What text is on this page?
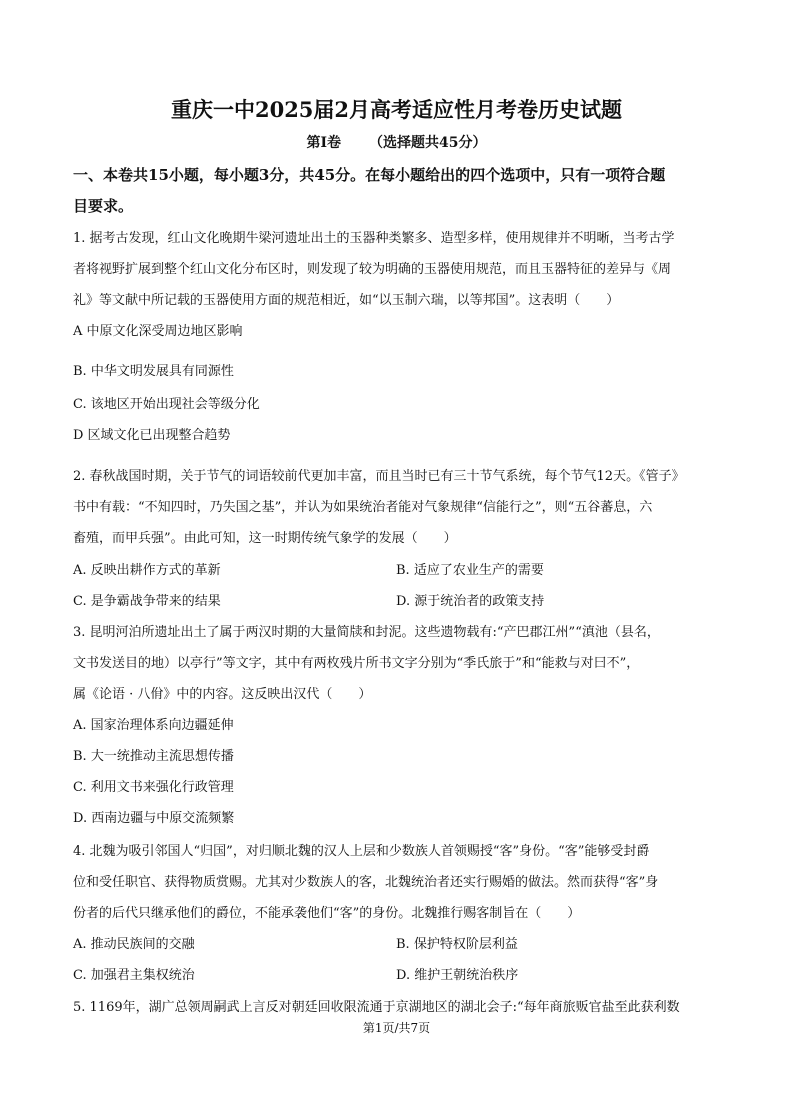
重庆一中2025届2月高考适应性月考卷历史试题
第Ⅰ卷 （选择题共45分）
一、本卷共15小题，每小题3分，共45分。在每小题给出的四个选项中，只有一项符合题
目要求。
1. 据考古发现，红山文化晚期牛梁河遗址出土的玉器种类繁多、造型多样，使用规律并不明晰，当考古学
者将视野扩展到整个红山文化分布区时，则发现了较为明确的玉器使用规范，而且玉器特征的差异与《周
礼》等文献中所记载的玉器使用方面的规范相近，如“以玉制六瑞，以等邦国”。这表明（　　）
A 中原文化深受周边地区影响
B. 中华文明发展具有同源性
C. 该地区开始出现社会等级分化
D 区域文化已出现整合趋势
2. 春秋战国时期，关于节气的词语较前代更加丰富，而且当时已有三十节气系统，每个节气12天。《管子》
书中有载：“不知四时，乃失国之基”，并认为如果统治者能对气象规律“信能行之”，则“五谷蕃息，六
畜殖，而甲兵强”。由此可知，这一时期传统气象学的发展（　　）
A. 反映出耕作方式的革新	B. 适应了农业生产的需要
C. 是争霸战争带来的结果	D. 源于统治者的政策支持
3. 昆明河泊所遗址出土了属于两汉时期的大量简牍和封泥。这些遗物载有:“产巴郡江州”“滇池（县名，
文书发送目的地）以亭行”等文字，其中有两枚残片所书文字分别为“季氏旅于”和“能救与对曰不”，
属《论语 · 八佾》中的内容。这反映出汉代（　　）
A. 国家治理体系向边疆延伸
B. 大一统推动主流思想传播
C. 利用文书来强化行政管理
D. 西南边疆与中原交流频繁
4. 北魏为吸引邻国人“归国”，对归顺北魏的汉人上层和少数族人首领赐授“客”身份。“客”能够受封爵
位和受任职官、获得物质赏赐。尤其对少数族人的客，北魏统治者还实行赐婚的做法。然而获得“客”身
份者的后代只继承他们的爵位，不能承袭他们“客”的身份。北魏推行赐客制旨在（　　）
A. 推动民族间的交融	B. 保护特权阶层利益
C. 加强君主集权统治	D. 维护王朝统治秩序
5. 1169年，湖广总领周嗣武上言反对朝廷回收限流通于京湖地区的湖北会子:“每年商旅贩官盐至此获利数
第1页/共7页
